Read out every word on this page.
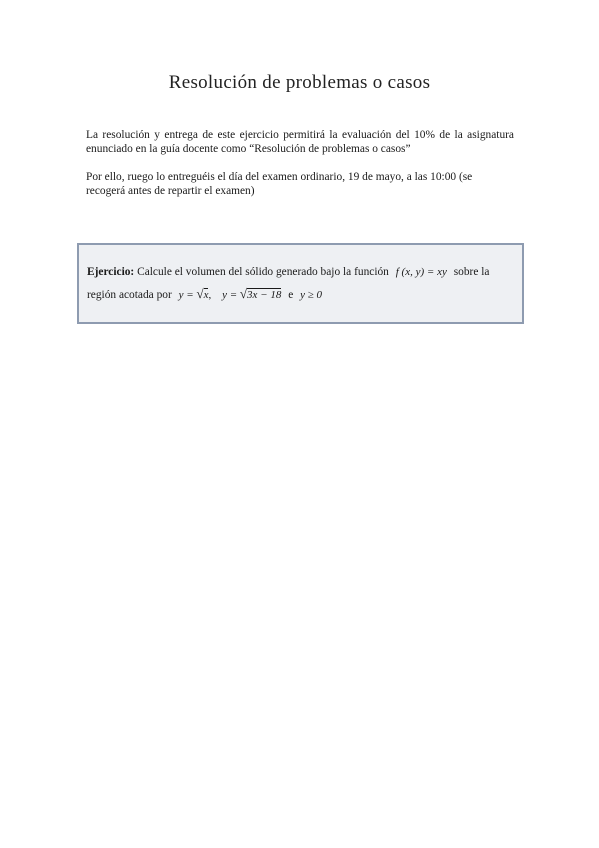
Resolución de problemas o casos
La resolución y entrega de este ejercicio permitirá la evaluación del 10% de la asignatura enunciado en la guía docente como “Resolución de problemas o casos”
Por ello, ruego lo entreguéis el día del examen ordinario, 19 de mayo, a las 10:00 (se recogerá antes de repartir el examen)
Ejercicio: Calcule el volumen del sólido generado bajo la función f (x, y) = xy sobre la región acotada por y = √x, y = √3x − 18 e y ≥ 0
